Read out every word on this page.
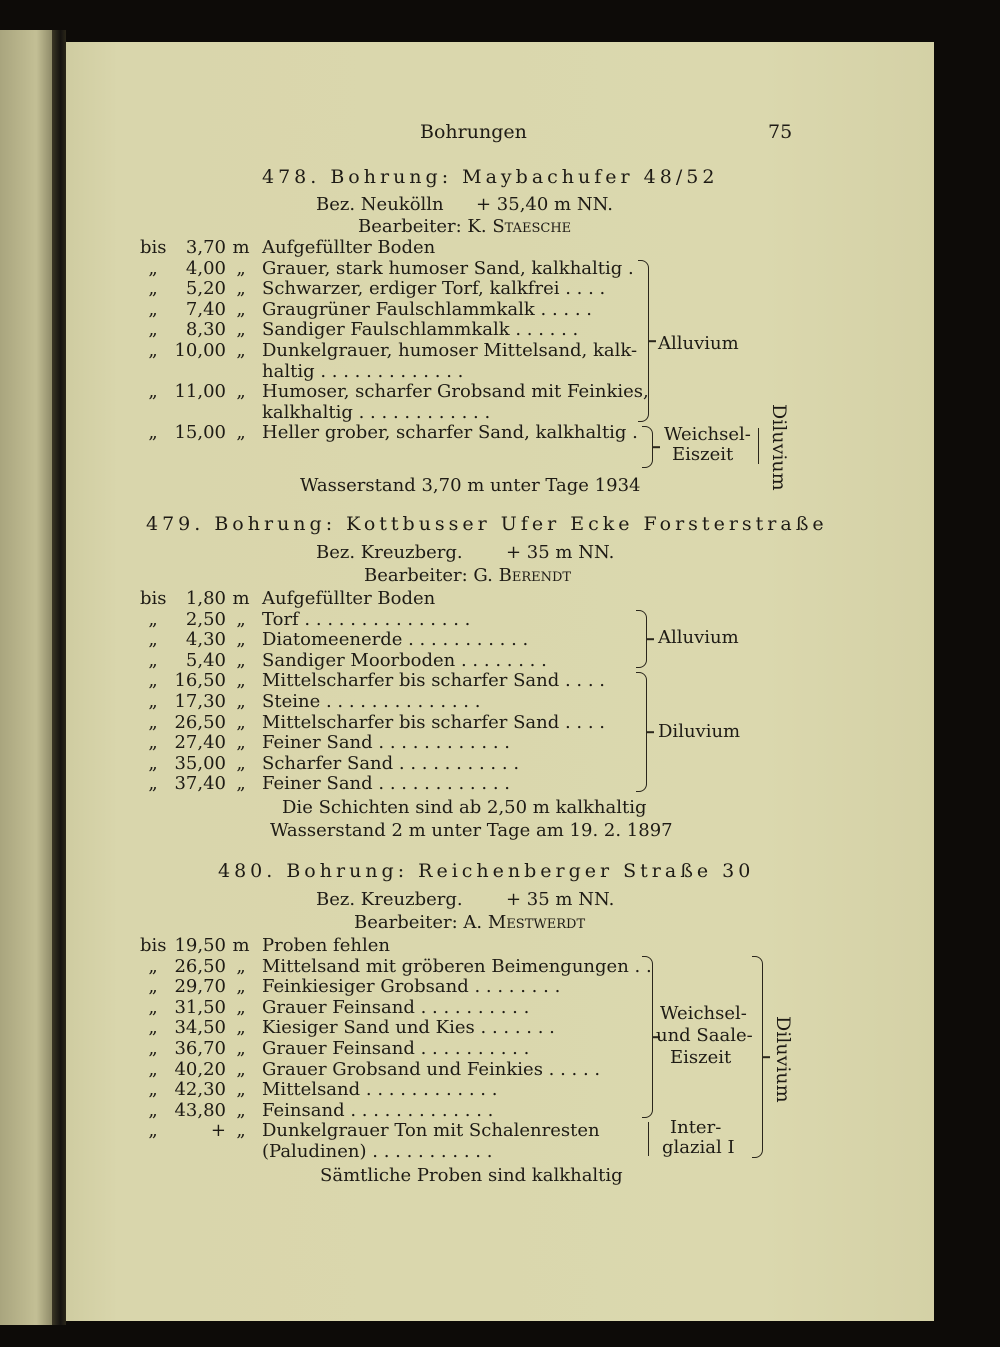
Bohrungen	75
478. Bohrung: Maybachufer 48/52
Bez. Neukölln + 35,40 m NN.
Bearbeiter: K. Staesche
bis	3,70 m Aufgefüllter Boden
„	4,00 „ Grauer, stark humoser Sand, kalkhaltig .
„	5,20 „ Schwarzer, erdiger Torf, kalkfrei . . . .
„	7,40 „ Graugrüner Faulschlammkalk . . . . .
„	8,30 „ Sandiger Faulschlammkalk . . . . . .
„ 10,00 „ Dunkelgrauer, humoser Mittelsand, kalk-
haltig . . . . . . . . . . . . .
„ 11,00 „ Humoser, scharfer Grobsand mit Feinkies,
kalkhaltig . . . . . . . . . . . .
„ 15,00 „ Heller grober, scharfer Sand, kalkhaltig .
Alluvium
Weichsel-
Eiszeit Diluvium
Wasserstand 3,70 m unter Tage 1934
479. Bohrung: Kottbusser Ufer Ecke Forsterstraße
Bez. Kreuzberg. + 35 m NN.
Bearbeiter: G. Berendt
bis	1,80 m Aufgefüllter Boden
„	2,50 „ Torf . . . . . . . . . . . . . . .
„	4,30 „ Diatomeenerde . . . . . . . . . . .
„	5,40 „ Sandiger Moorboden . . . . . . . .
„ 16,50 „ Mittelscharfer bis scharfer Sand . . . .
„ 17,30 „ Steine . . . . . . . . . . . . . .
„ 26,50 „ Mittelscharfer bis scharfer Sand . . . .
„ 27,40 „ Feiner Sand . . . . . . . . . . . .
„ 35,00 „ Scharfer Sand . . . . . . . . . . .
„ 37,40 „ Feiner Sand . . . . . . . . . . . .
Alluvium
Diluvium
Die Schichten sind ab 2,50 m kalkhaltig
Wasserstand 2 m unter Tage am 19. 2. 1897
480. Bohrung: Reichenberger Straße 30
Bez. Kreuzberg. + 35 m NN.
Bearbeiter: A. Mestwerdt
bis 19,50 m Proben fehlen
„ 26,50 „ Mittelsand mit gröberen Beimengungen . .
„ 29,70 „ Feinkiesiger Grobsand . . . . . . . .
„ 31,50 „ Grauer Feinsand . . . . . . . . . .
„ 34,50 „ Kiesiger Sand und Kies . . . . . . .
„ 36,70 „ Grauer Feinsand . . . . . . . . . .
„ 40,20 „ Grauer Grobsand und Feinkies . . . . .
„ 42,30 „ Mittelsand . . . . . . . . . . . .
„ 43,80 „ Feinsand . . . . . . . . . . . . .
„	+ „ Dunkelgrauer Ton mit Schalenresten
(Paludinen) . . . . . . . . . . .
Weichsel-
und Saale-
Eiszeit
Inter-
glazial I
Diluvium
Sämtliche Proben sind kalkhaltig
